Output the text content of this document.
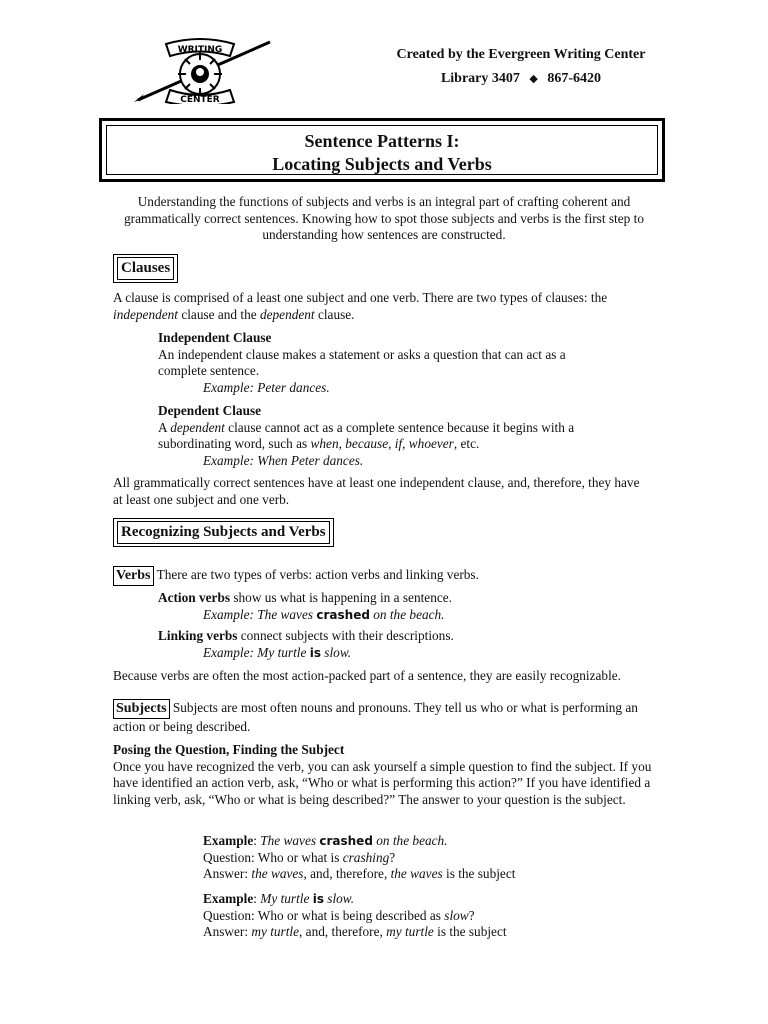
WRITING
CENTER
Created by the Evergreen Writing Center
Library 3407 ◆ 867-6420
Sentence Patterns I:
Locating Subjects and Verbs
Understanding the functions of subjects and verbs is an integral part of crafting coherent and grammatically correct sentences. Knowing how to spot those subjects and verbs is the first step to understanding how sentences are constructed.
Clauses
A clause is comprised of a least one subject and one verb. There are two types of clauses: the independent clause and the dependent clause.
Independent Clause
An independent clause makes a statement or asks a question that can act as a complete sentence.
Example: Peter dances.
Dependent Clause
A dependent clause cannot act as a complete sentence because it begins with a subordinating word, such as when, because, if, whoever, etc.
Example: When Peter dances.
All grammatically correct sentences have at least one independent clause, and, therefore, they have at least one subject and one verb.
Recognizing Subjects and Verbs
Verbs There are two types of verbs: action verbs and linking verbs.
Action verbs show us what is happening in a sentence.
Example: The waves crashed on the beach.
Linking verbs connect subjects with their descriptions.
Example: My turtle is slow.
Because verbs are often the most action-packed part of a sentence, they are easily recognizable.
Subjects Subjects are most often nouns and pronouns. They tell us who or what is performing an action or being described.
Posing the Question, Finding the Subject
Once you have recognized the verb, you can ask yourself a simple question to find the subject. If you have identified an action verb, ask, “Who or what is performing this action?” If you have identified a linking verb, ask, “Who or what is being described?” The answer to your question is the subject.
Example: The waves crashed on the beach.
Question: Who or what is crashing?
Answer: the waves, and, therefore, the waves is the subject
Example: My turtle is slow.
Question: Who or what is being described as slow?
Answer: my turtle, and, therefore, my turtle is the subject
